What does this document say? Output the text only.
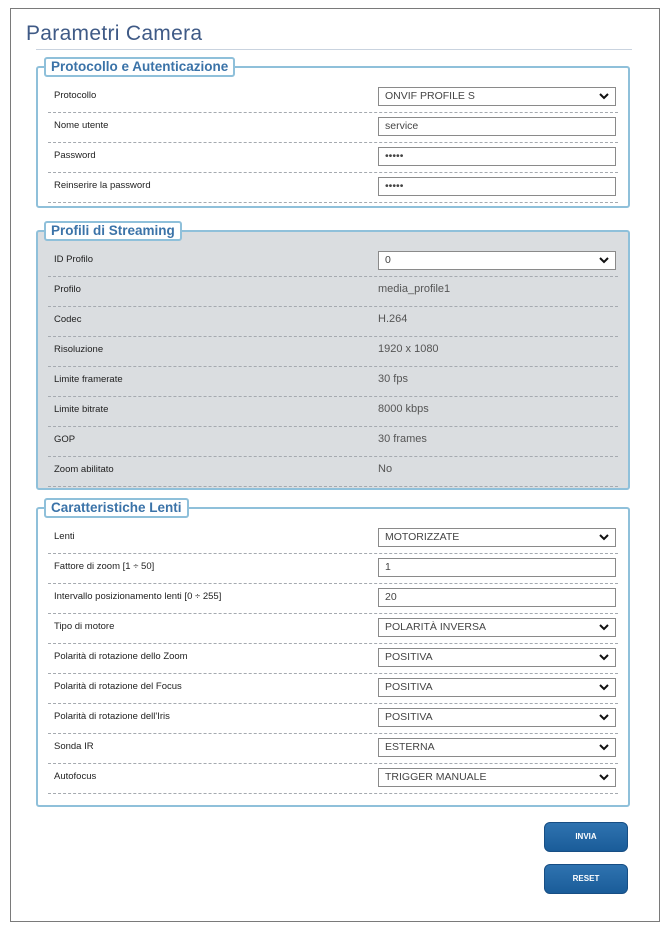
Parametri Camera
Protocollo e Autenticazione
Protocollo	ONVIF PROFILE S
Nome utente	service
Password	•••••
Reinserire la password	•••••
Profili di Streaming
ID Profilo	0
Profilo	media_profile1
Codec	H.264
Risoluzione	1920 x 1080
Limite framerate	30 fps
Limite bitrate	8000 kbps
GOP	30 frames
Zoom abilitato	No
Caratteristiche Lenti
Lenti	MOTORIZZATE
Fattore di zoom [1 ÷ 50]	1
Intervallo posizionamento lenti [0 ÷ 255]	20
Tipo di motore	POLARITÀ INVERSA
Polarità di rotazione dello Zoom	POSITIVA
Polarità di rotazione del Focus	POSITIVA
Polarità di rotazione dell'Iris	POSITIVA
Sonda IR	ESTERNA
Autofocus	TRIGGER MANUALE
INVIA
RESET
